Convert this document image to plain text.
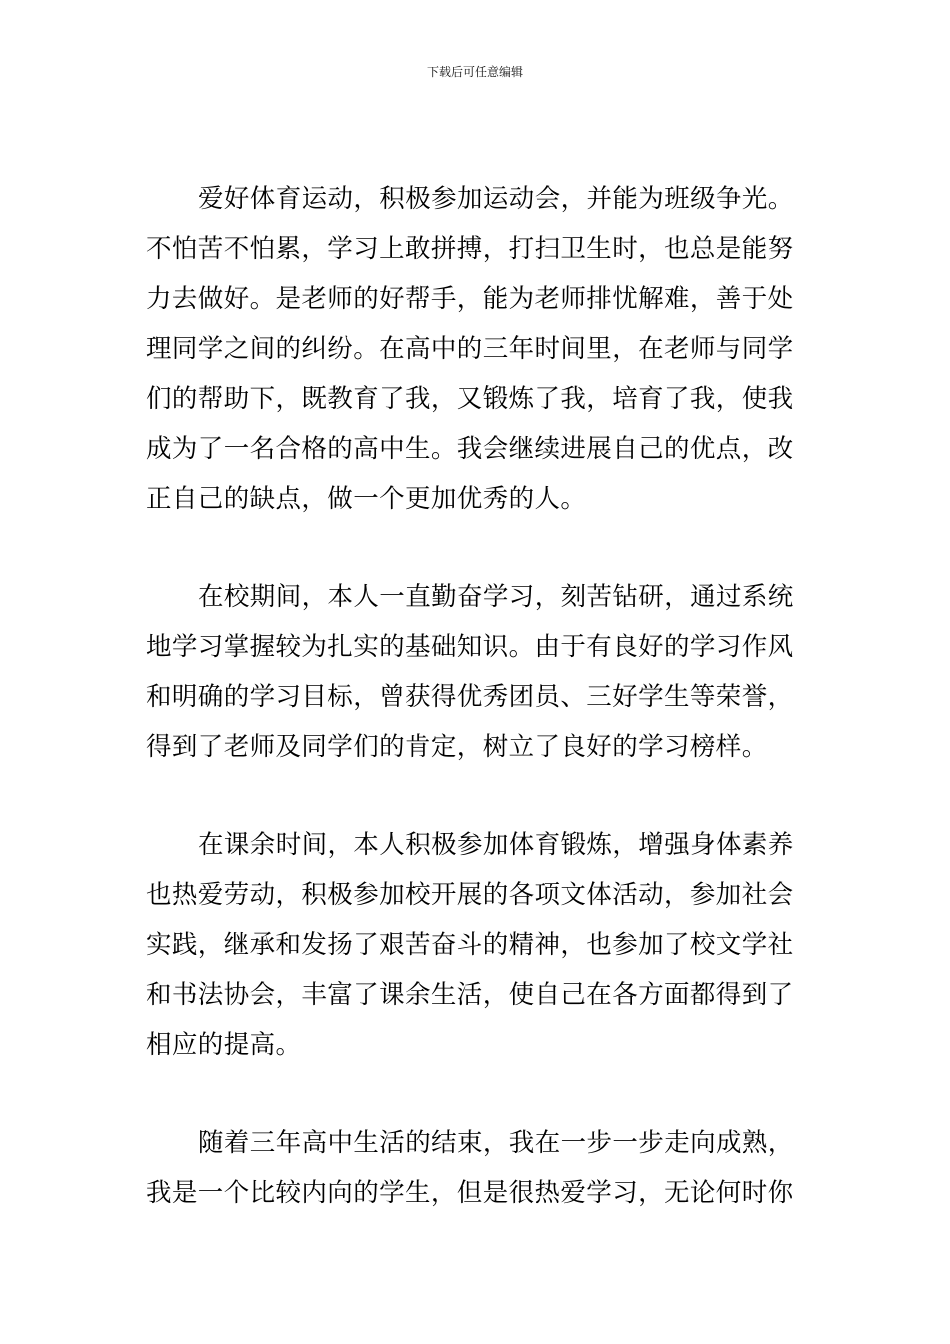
下载后可任意编辑
爱好体育运动，积极参加运动会，并能为班级争光。
不怕苦不怕累，学习上敢拼搏，打扫卫生时，也总是能努
力去做好。是老师的好帮手，能为老师排忧解难，善于处
理同学之间的纠纷。在高中的三年时间里，在老师与同学
们的帮助下，既教育了我，又锻炼了我，培育了我，使我
成为了一名合格的高中生。我会继续进展自己的优点，改
正自己的缺点，做一个更加优秀的人。
在校期间，本人一直勤奋学习，刻苦钻研，通过系统
地学习掌握较为扎实的基础知识。由于有良好的学习作风
和明确的学习目标，曾获得优秀团员、三好学生等荣誉，
得到了老师及同学们的肯定，树立了良好的学习榜样。
在课余时间，本人积极参加体育锻炼，增强身体素养
也热爱劳动，积极参加校开展的各项文体活动，参加社会
实践，继承和发扬了艰苦奋斗的精神，也参加了校文学社
和书法协会，丰富了课余生活，使自己在各方面都得到了
相应的提高。
随着三年高中生活的结束，我在一步一步走向成熟，
我是一个比较内向的学生，但是很热爱学习，无论何时你
